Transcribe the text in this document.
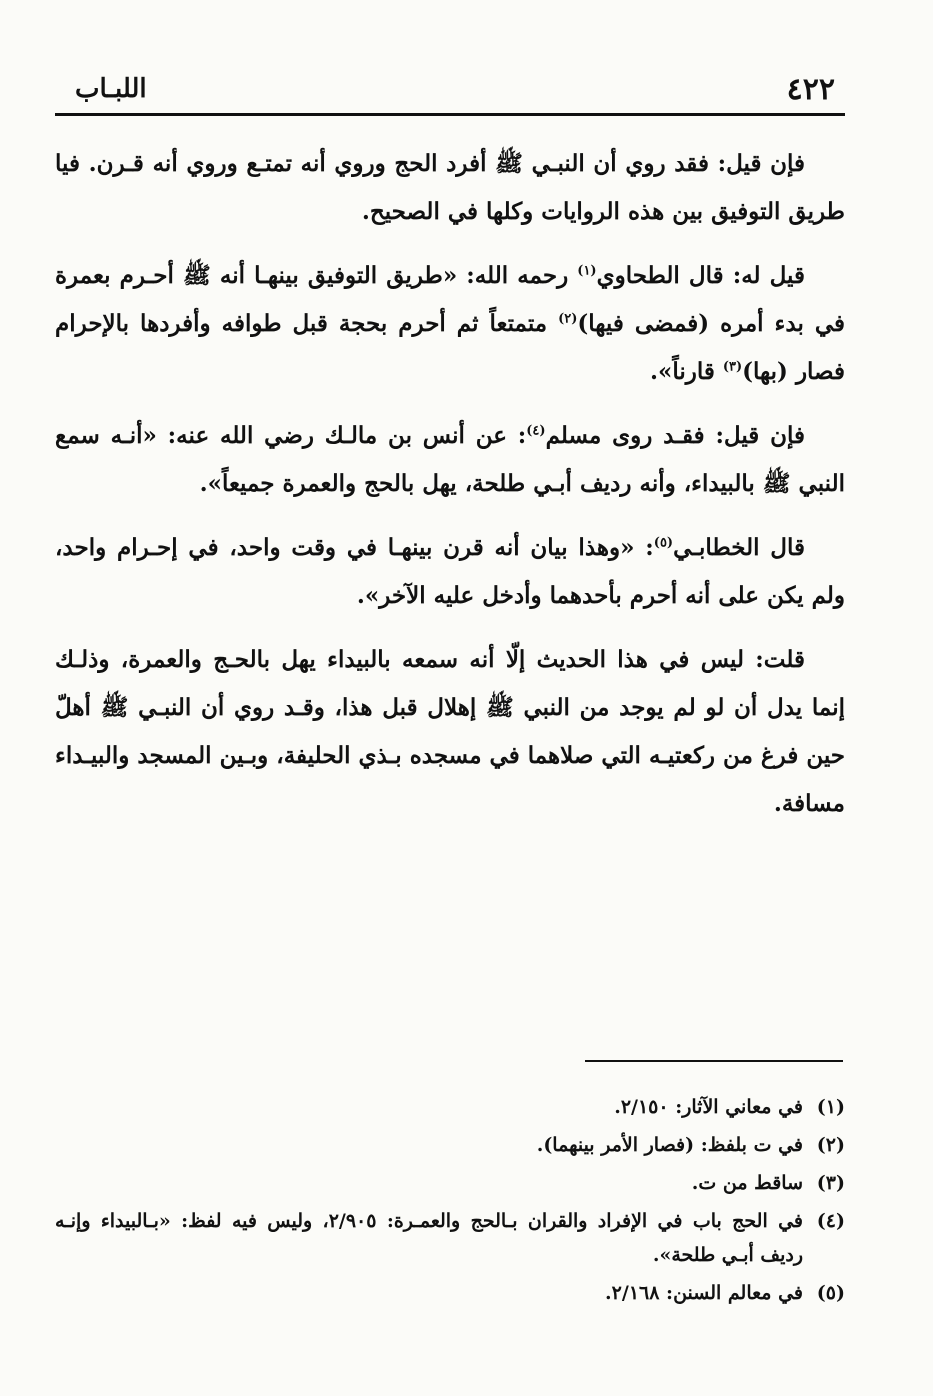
٤٢٢
اللبـاب

فإن قيل: فقد روي أن النبـي ﷺ أفرد الحج وروي أنه تمتـع وروي أنه قـرن. فيا طريق التوفيق بين هذه الروايات وكلها في الصحيح.

قيل له: قال الطحاوي$^{(١)}$ رحمه الله: «طريق التوفيق بينهـا أنه ﷺ أحـرم بعمرة في بدء أمره (فمضى فيها)$^{(٢)}$ متمتعاً ثم أحرم بحجة قبل طوافه وأفردها بالإحرام فصار (بها)$^{(٣)}$ قارناً».

فإن قيل: فقـد روى مسلم$^{(٤)}$: عن أنس بن مالـك رضي الله عنه: «أنـه سمع النبي ﷺ بالبيداء، وأنه رديف أبـي طلحة، يهل بالحج والعمرة جميعاً».

قال الخطابـي$^{(٥)}$: «وهذا بيان أنه قرن بينهـا في وقت واحد، في إحـرام واحد، ولم يكن على أنه أحرم بأحدهما وأدخل عليه الآخر».

قلت: ليس في هذا الحديث إلّا أنه سمعه بالبيداء يهل بالحـج والعمرة، وذلـك إنما يدل أن لو لم يوجد من النبي ﷺ إهلال قبل هذا، وقـد روي أن النبـي ﷺ أهلّ حين فرغ من ركعتيـه التي صلاهما في مسجده بـذي الحليفة، وبـين المسجد والبيـداء مسافة.

(١)
في معاني الآثار: ٢/١٥٠.
(٢)
في ت بلفظ: (فصار الأمر بينهما).
(٣)
ساقط من ت.
(٤)
في الحج باب في الإفراد والقران بـالحج والعمـرة: ٢/٩٠٥، وليس فيه لفظ: «بـالبيداء وإنـه رديف أبـي طلحة».
(٥)
في معالم السنن: ٢/١٦٨.
